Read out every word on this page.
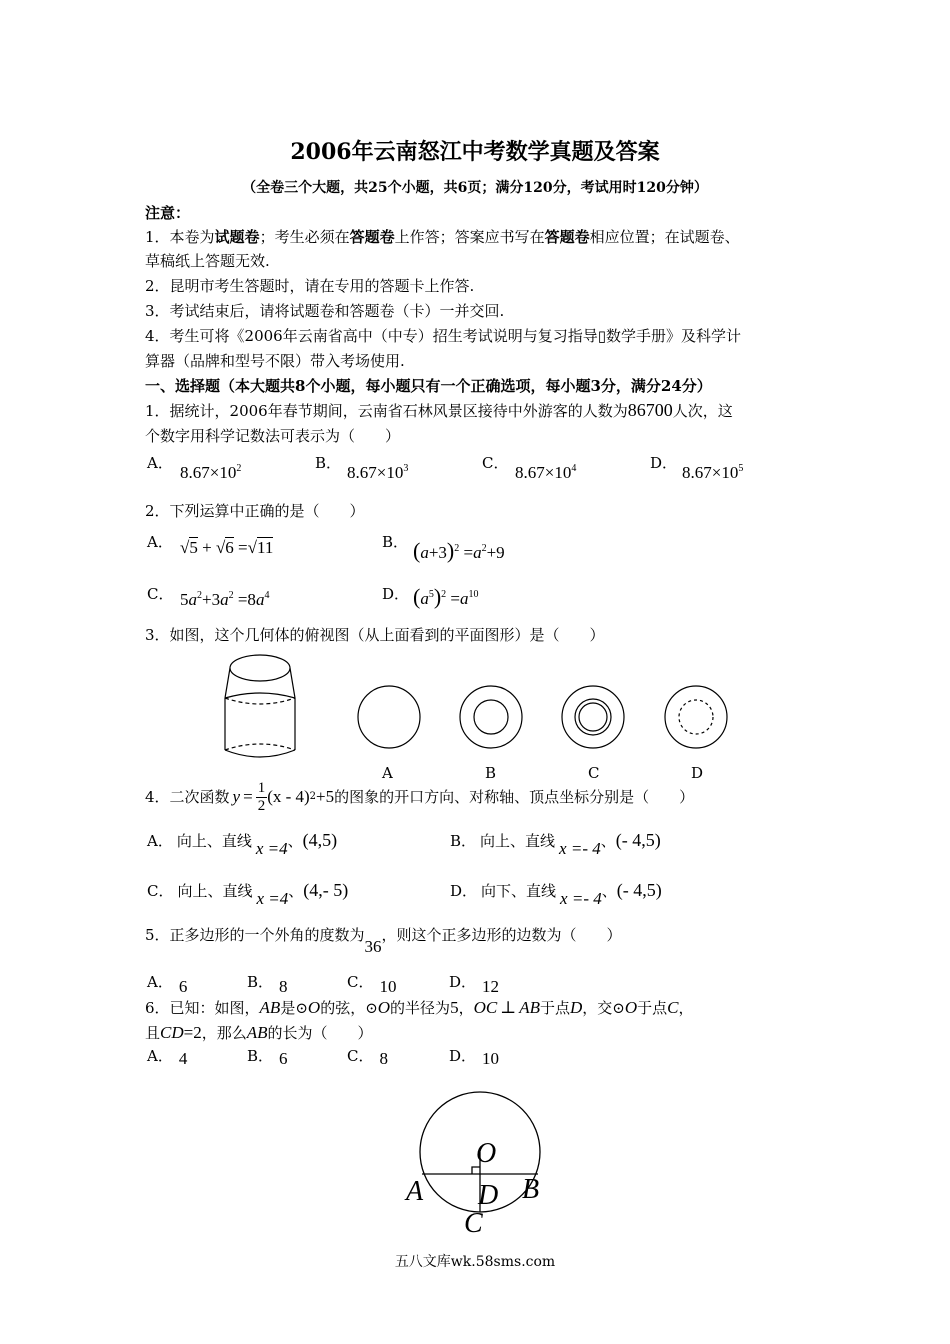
2006年云南怒江中考数学真题及答案
（全卷三个大题，共25个小题，共6页；满分120分，考试用时120分钟）
注意：
1．本卷为试题卷；考生必须在答题卷上作答；答案应书写在答题卷相应位置；在试题卷、
草稿纸上答题无效.
2．昆明市考生答题时，请在专用的答题卡上作答.
3．考试结束后，请将试题卷和答题卷（卡）一并交回.
4．考生可将《2006年云南省高中（中专）招生考试说明与复习指导▯数学手册》及科学计
算器（品牌和型号不限）带入考场使用.
一、选择题（本大题共8个小题，每小题只有一个正确选项，每小题3分，满分24分）
1．据统计，2006年春节期间，云南省石林风景区接待中外游客的人数为86700人次，这
个数字用科学记数法可表示为（　　）
A． $8.67\times 10^2$	B． $8.67\times 10^3$	C． $8.67\times 10^4$	D． $8.67\times 10^5$
2．下列运算中正确的是（　　）
A． √5 + √6 =√11	B． $(a+3)^2 =a^2+9$
C． $5a^2+3a^2 =8a^4$	D． $(a^5)^2 =a^{10}$
3．如图，这个几何体的俯视图（从上面看到的平面图形）是（　　）
A	B	C	D
4．二次函数 $y = \frac{1}{2} (x - 4)$ 2 +5 的图象的开口方向、对称轴、顶点坐标分别是（　　）
A． 向上、直线 x =4、(4,5)	B． 向上、直线 x =- 4、(- 4,5)
C． 向上、直线 x =4、(4,- 5)	D． 向下、直线 x =- 4、(- 4,5)
5．正多边形的一个外角的度数为36，则这个正多边形的边数为（　　）
A． 6	B． 8	C． 10	D． 12
6．已知：如图，AB是⊙O的弦，⊙O的半径为5，OC ⊥ AB于点D，交⊙O于点C，
且CD=2，那么AB的长为（　　）
A． 4	B． 6	C． 8	D． 10
O
A D B
C
五八文库wk.58sms.com
